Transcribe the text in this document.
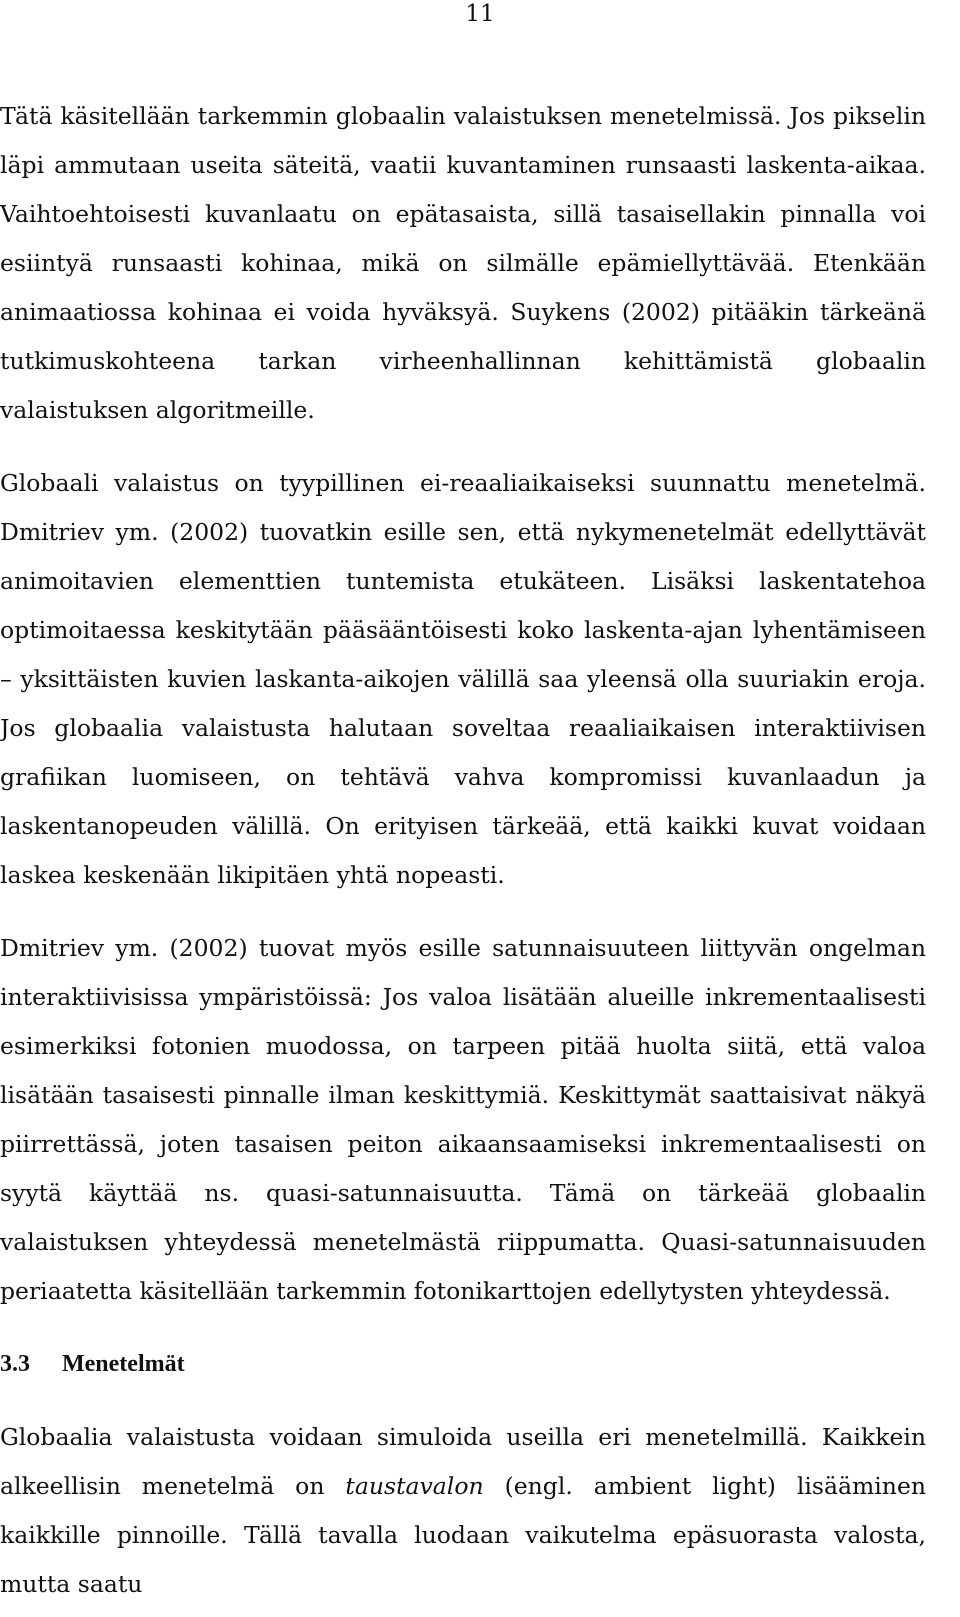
11

Tätä käsitellään tarkemmin globaalin valaistuksen menetelmissä. Jos pikselin läpi ammutaan useita säteitä, vaatii kuvantaminen runsaasti laskenta-aikaa. Vaihtoehtoisesti kuvanlaatu on epätasaista, sillä tasaisellakin pinnalla voi esiintyä runsaasti kohinaa, mikä on silmälle epämiellyttävää. Etenkään animaatiossa kohinaa ei voida hyväksyä. Suykens (2002) pitääkin tärkeänä tutkimuskohteena tarkan virheenhallinnan kehittämistä globaalin valaistuksen algoritmeille.

Globaali valaistus on tyypillinen ei-reaaliaikaiseksi suunnattu menetelmä. Dmitriev ym. (2002) tuovatkin esille sen, että nykymenetelmät edellyttävät animoitavien elementtien tuntemista etukäteen. Lisäksi laskentatehoa optimoitaessa keskitytään pääsääntöisesti koko laskenta-ajan lyhentämiseen – yksittäisten kuvien laskanta-aikojen välillä saa yleensä olla suuriakin eroja. Jos globaalia valaistusta halutaan soveltaa reaaliaikaisen interaktiivisen grafiikan luomiseen, on tehtävä vahva kompromissi kuvanlaadun ja laskentanopeuden välillä. On erityisen tärkeää, että kaikki kuvat voidaan laskea keskenään likipitäen yhtä nopeasti.

Dmitriev ym. (2002) tuovat myös esille satunnaisuuteen liittyvän ongelman interaktiivisissa ympäristöissä: Jos valoa lisätään alueille inkrementaalisesti esimerkiksi fotonien muodossa, on tarpeen pitää huolta siitä, että valoa lisätään tasaisesti pinnalle ilman keskittymiä. Keskittymät saattaisivat näkyä piirrettässä, joten tasaisen peiton aikaansaamiseksi inkrementaalisesti on syytä käyttää ns. quasi-satunnaisuutta. Tämä on tärkeää globaalin valaistuksen yhteydessä menetelmästä riippumatta. Quasi-satunnaisuuden periaatetta käsitellään tarkemmin fotonikarttojen edellytysten yhteydessä.

3.3 Menetelmät

Globaalia valaistusta voidaan simuloida useilla eri menetelmillä. Kaikkein alkeellisin menetelmä on taustavalon (engl. ambient light) lisääminen kaikkille pinnoille. Tällä tavalla luodaan vaikutelma epäsuorasta valosta, mutta saatu
